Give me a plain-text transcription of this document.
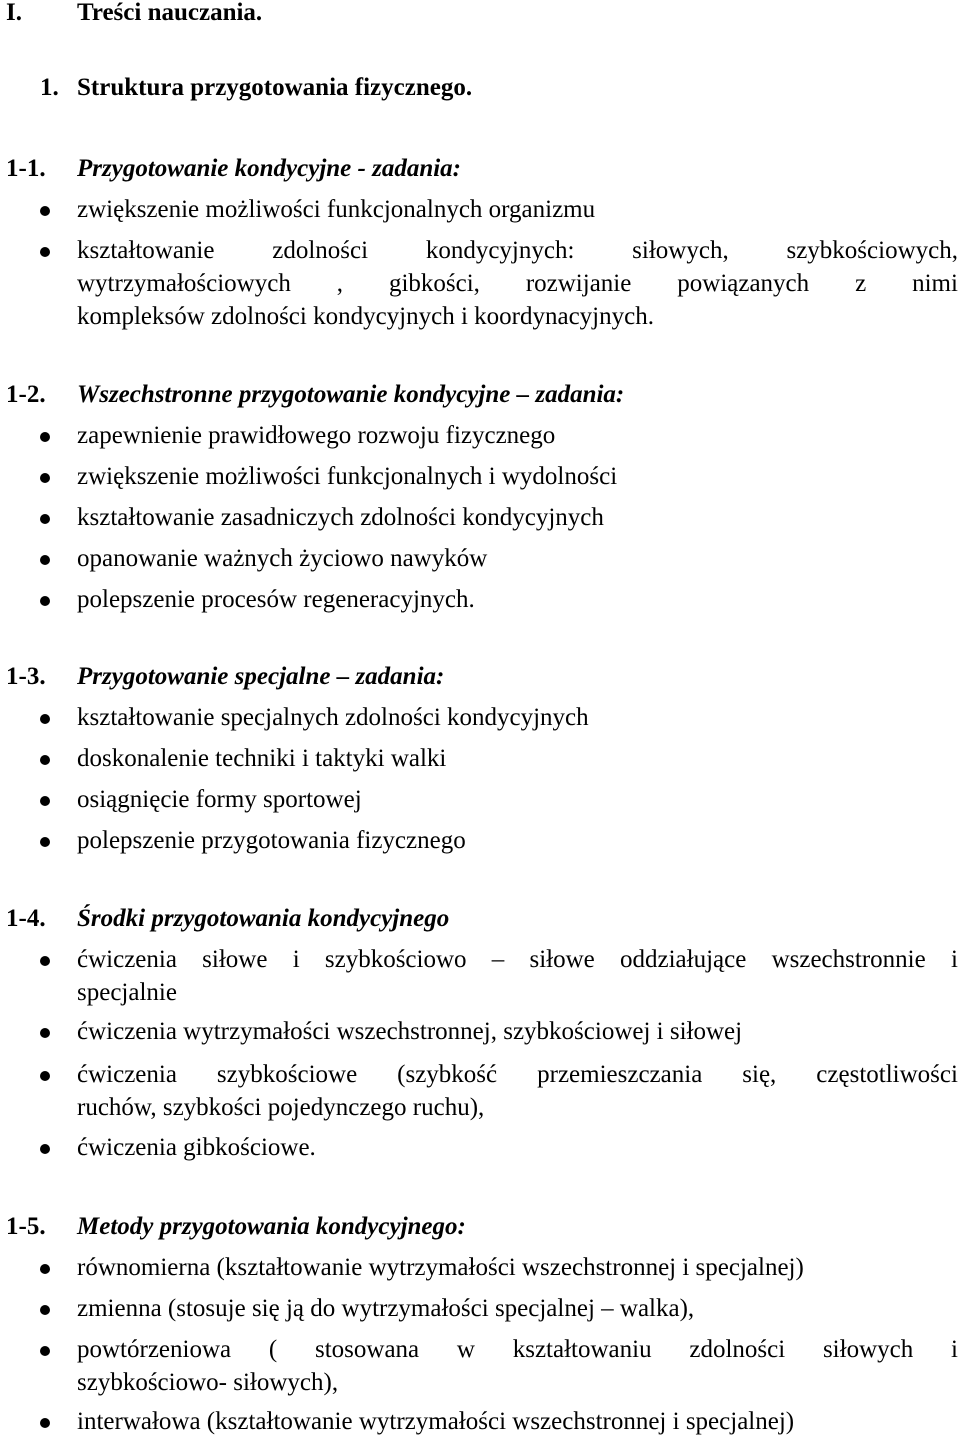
I. Treści nauczania.
1. Struktura przygotowania fizycznego.
1-1. Przygotowanie kondycyjne - zadania:
zwiększenie możliwości funkcjonalnych organizmu
kształtowanie zdolności kondycyjnych: siłowych, szybkościowych,
wytrzymałościowych , gibkości, rozwijanie powiązanych z nimi
kompleksów zdolności kondycyjnych i koordynacyjnych.
1-2. Wszechstronne przygotowanie kondycyjne – zadania:
zapewnienie prawidłowego rozwoju fizycznego
zwiększenie możliwości funkcjonalnych i wydolności
kształtowanie zasadniczych zdolności kondycyjnych
opanowanie ważnych życiowo nawyków
polepszenie procesów regeneracyjnych.
1-3. Przygotowanie specjalne – zadania:
kształtowanie specjalnych zdolności kondycyjnych
doskonalenie techniki i taktyki walki
osiągnięcie formy sportowej
polepszenie przygotowania fizycznego
1-4. Środki przygotowania kondycyjnego
ćwiczenia siłowe i szybkościowo – siłowe oddziałujące wszechstronnie i
specjalnie
ćwiczenia wytrzymałości wszechstronnej, szybkościowej i siłowej
ćwiczenia szybkościowe (szybkość przemieszczania się, częstotliwości
ruchów, szybkości pojedynczego ruchu),
ćwiczenia gibkościowe.
1-5. Metody przygotowania kondycyjnego:
równomierna (kształtowanie wytrzymałości wszechstronnej i specjalnej)
zmienna (stosuje się ją do wytrzymałości specjalnej – walka),
powtórzeniowa ( stosowana w kształtowaniu zdolności siłowych i
szybkościowo- siłowych),
interwałowa (kształtowanie wytrzymałości wszechstronnej i specjalnej)
